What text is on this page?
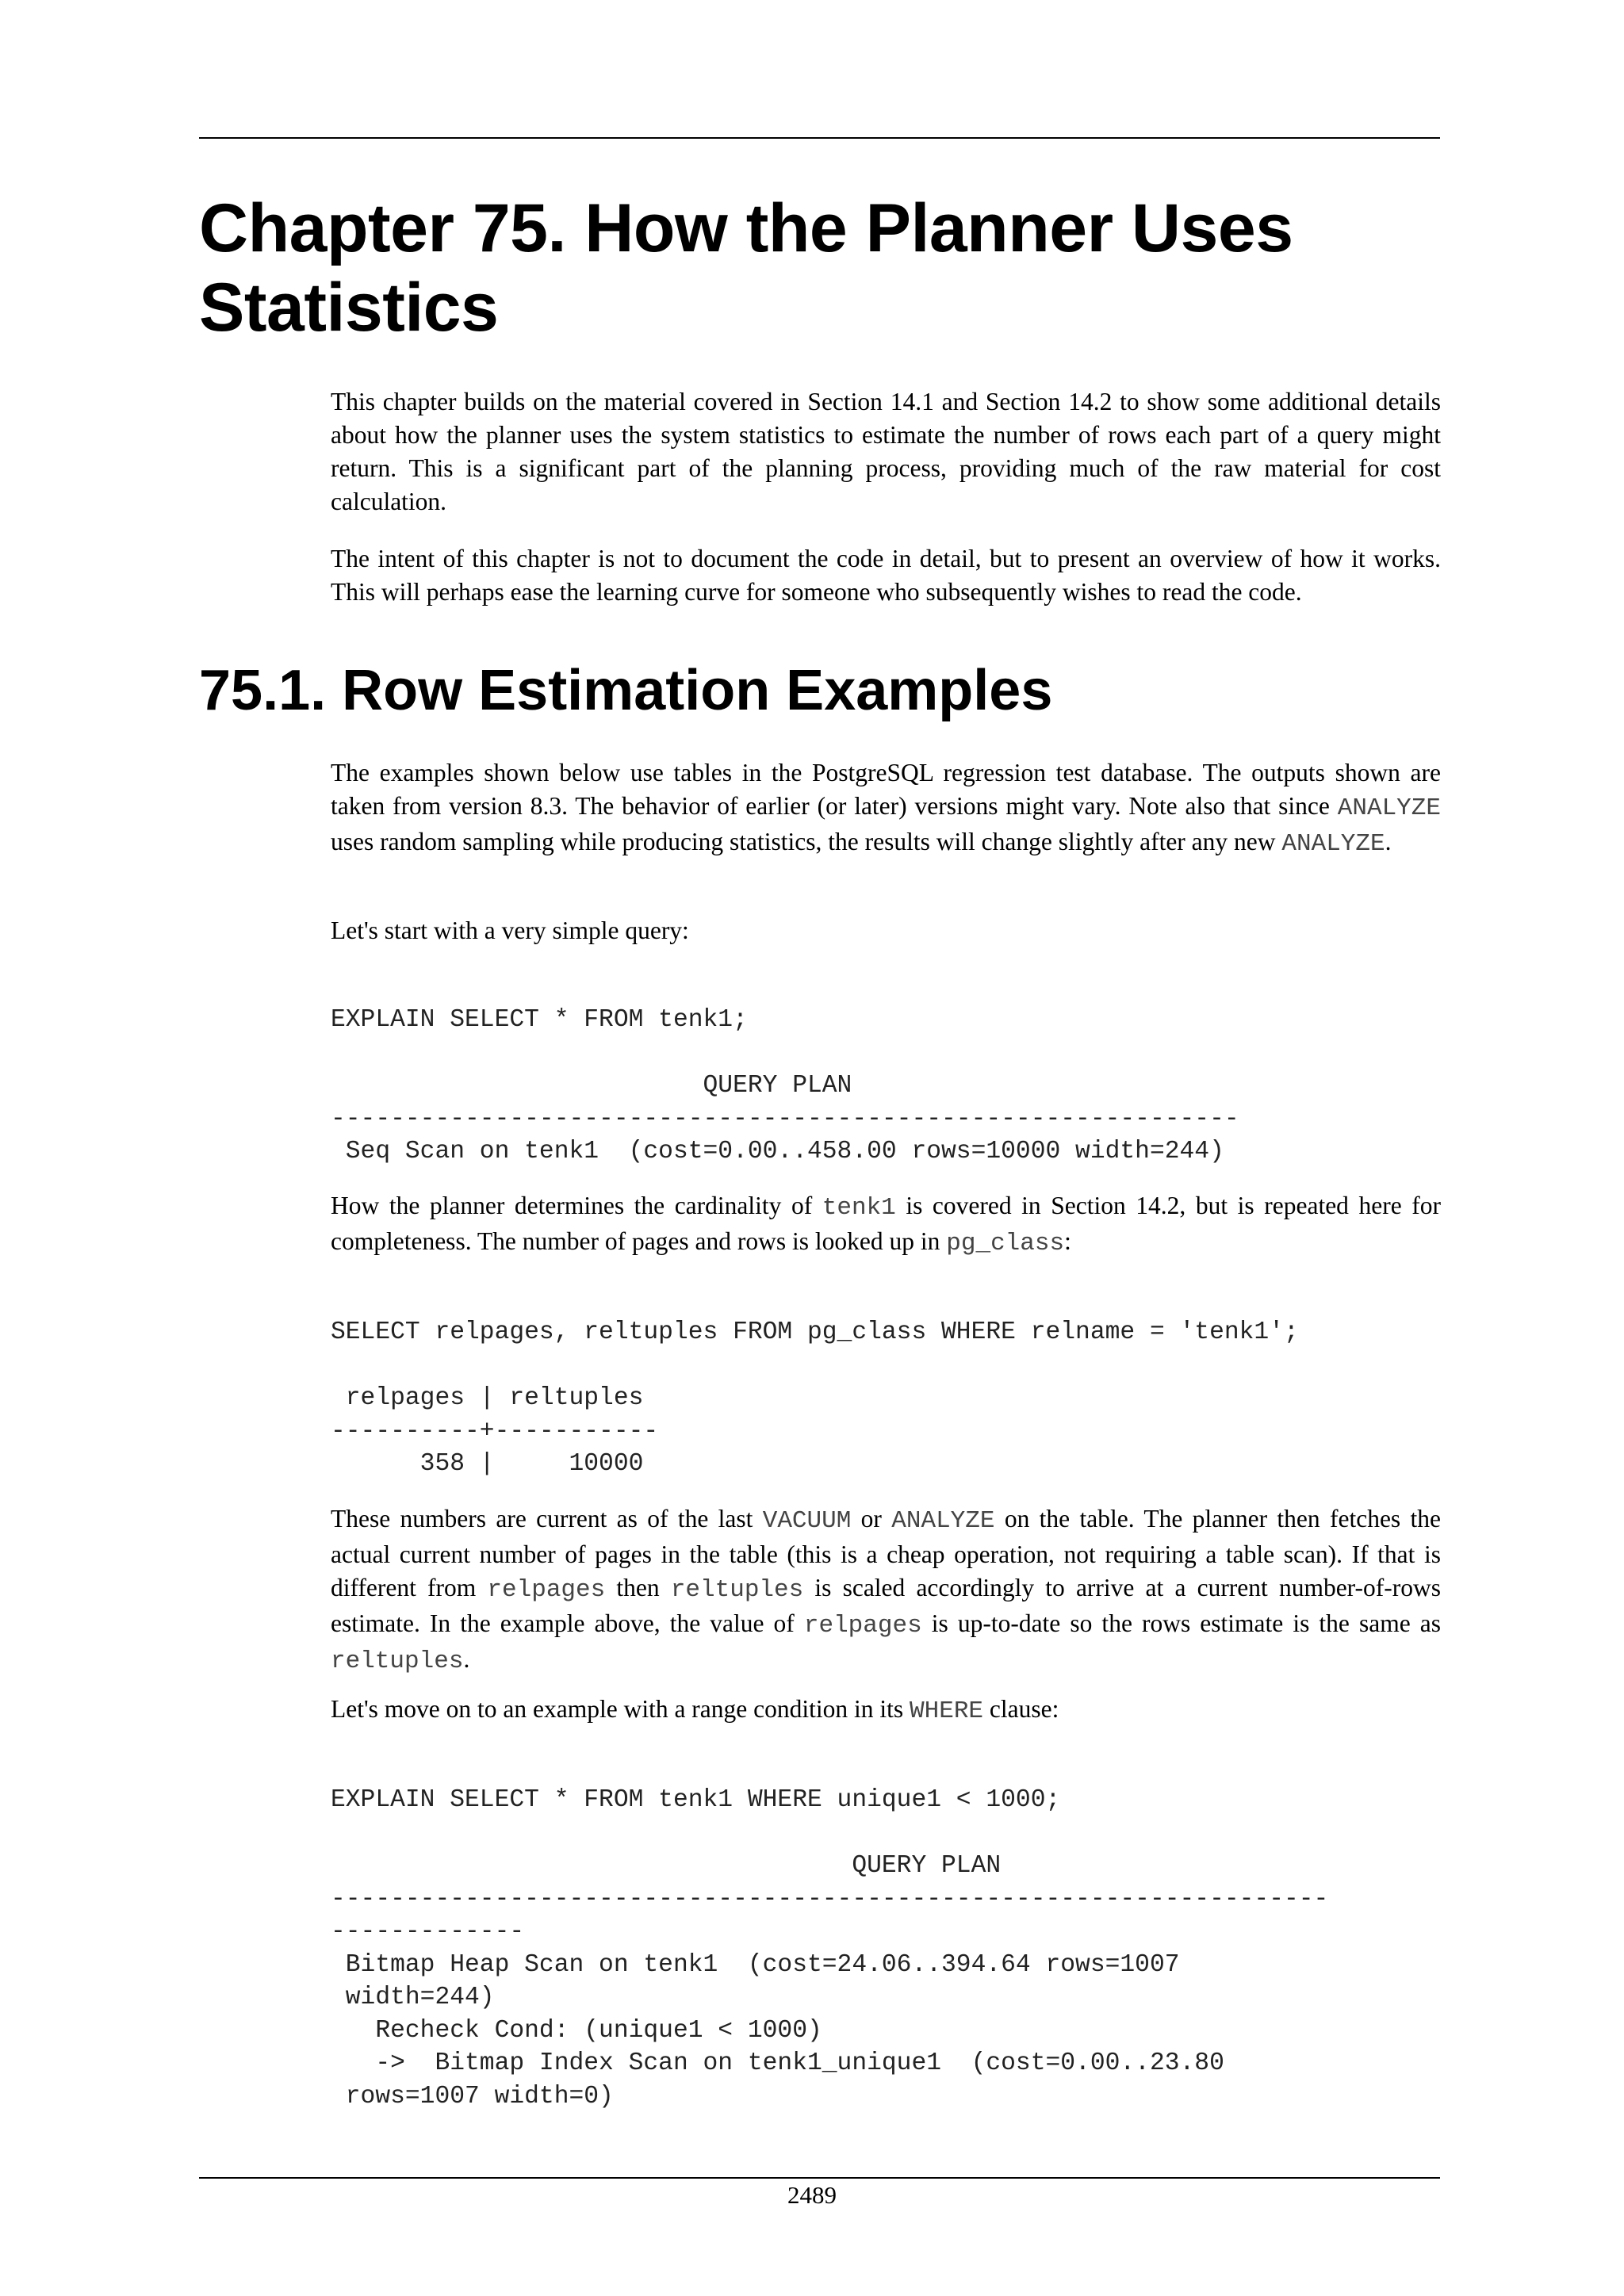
Chapter 75. How the Planner Uses Statistics

This chapter builds on the material covered in Section 14.1 and Section 14.2 to show some additional details about how the planner uses the system statistics to estimate the number of rows each part of a query might return. This is a significant part of the planning process, providing much of the raw material for cost calculation.

The intent of this chapter is not to document the code in detail, but to present an overview of how it works. This will perhaps ease the learning curve for someone who subsequently wishes to read the code.

75.1. Row Estimation Examples

The examples shown below use tables in the PostgreSQL regression test database. The outputs shown are taken from version 8.3. The behavior of earlier (or later) versions might vary. Note also that since ANALYZE uses random sampling while producing statistics, the results will change slightly after any new ANALYZE.

Let's start with a very simple query:

EXPLAIN SELECT * FROM tenk1;

QUERY PLAN
-------------------------------------------------------------
Seq Scan on tenk1  (cost=0.00..458.00 rows=10000 width=244)

How the planner determines the cardinality of tenk1 is covered in Section 14.2, but is repeated here for completeness. The number of pages and rows is looked up in pg_class:

SELECT relpages, reltuples FROM pg_class WHERE relname = 'tenk1';

relpages | reltuples
----------+-----------
358 |     10000

These numbers are current as of the last VACUUM or ANALYZE on the table. The planner then fetches the actual current number of pages in the table (this is a cheap operation, not requiring a table scan). If that is different from relpages then reltuples is scaled accordingly to arrive at a current number-of-rows estimate. In the example above, the value of relpages is up-to-date so the rows estimate is the same as reltuples.

Let's move on to an example with a range condition in its WHERE clause:

EXPLAIN SELECT * FROM tenk1 WHERE unique1 < 1000;

QUERY PLAN
-------------------------------------------------------------------
-------------
Bitmap Heap Scan on tenk1  (cost=24.06..394.64 rows=1007
width=244)
Recheck Cond: (unique1 < 1000)
->  Bitmap Index Scan on tenk1_unique1  (cost=0.00..23.80
rows=1007 width=0)
2489
